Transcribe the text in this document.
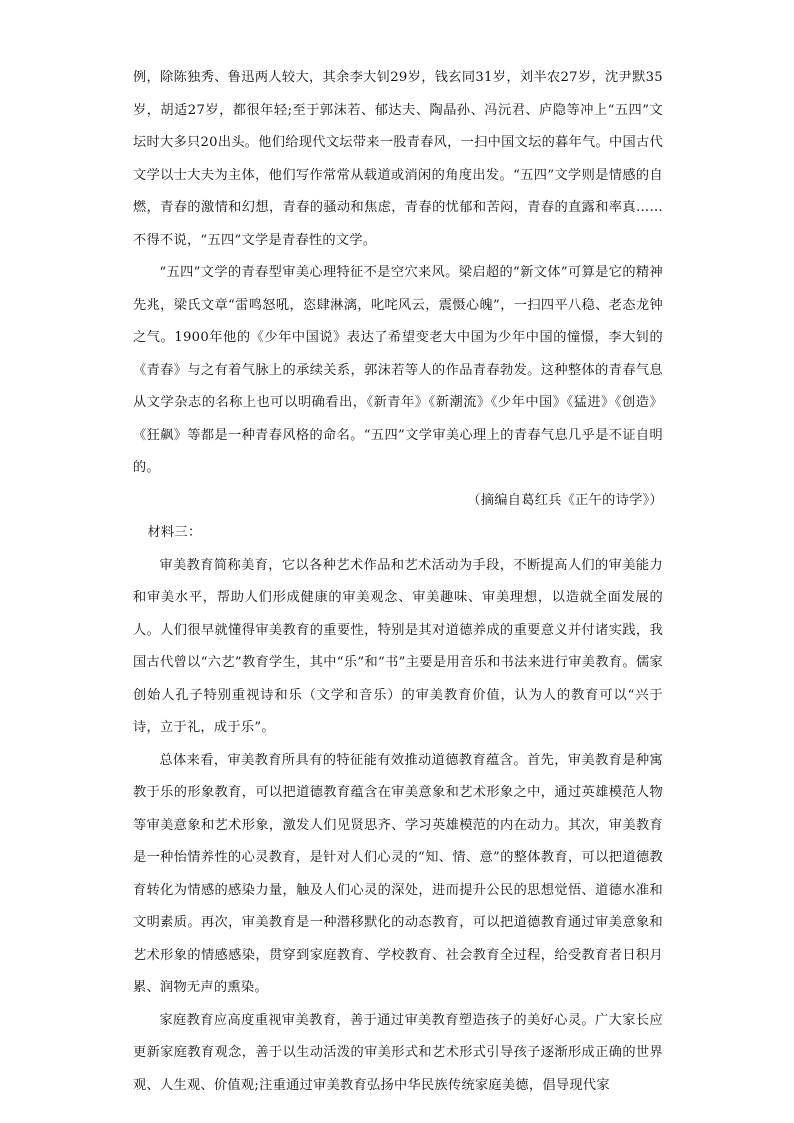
例，除陈独秀、鲁迅两人较大，其余李大钊29岁，钱玄同31岁，刘半农27岁，沈尹默35岁，胡适27岁，都很年轻;至于郭沫若、郁达夫、陶晶孙、冯沅君、庐隐等冲上“五四”文坛时大多只20出头。他们给现代文坛带来一股青春风，一扫中国文坛的暮年气。中国古代文学以士大夫为主体，他们写作常常从载道或消闲的角度出发。“五四”文学则是情感的自燃，青春的激情和幻想，青春的骚动和焦虑，青春的忧郁和苦闷，青春的直露和率真……不得不说，“五四”文学是青春性的文学。

“五四”文学的青春型审美心理特征不是空穴来风。梁启超的“新文体”可算是它的精神先兆，梁氏文章“雷鸣怒吼，恣肆淋漓，叱咤风云，震慑心魄”，一扫四平八稳、老态龙钟之气。1900年他的《少年中国说》表达了希望变老大中国为少年中国的憧憬，李大钊的《青春》与之有着气脉上的承续关系，郭沫若等人的作品青春勃发。这种整体的青春气息从文学杂志的名称上也可以明确看出，《新青年》《新潮流》《少年中国》《猛进》《创造》《狂飙》等都是一种青春风格的命名。“五四”文学审美心理上的青春气息几乎是不证自明的。

（摘编自葛红兵《正午的诗学》）

材料三：

审美教育简称美育，它以各种艺术作品和艺术活动为手段，不断提高人们的审美能力和审美水平，帮助人们形成健康的审美观念、审美趣味、审美理想，以造就全面发展的人。人们很早就懂得审美教育的重要性，特别是其对道德养成的重要意义并付诸实践，我国古代曾以“六艺”教育学生，其中“乐”和“书”主要是用音乐和书法来进行审美教育。儒家创始人孔子特别重视诗和乐（文学和音乐）的审美教育价值，认为人的教育可以“兴于诗，立于礼，成于乐”。

总体来看，审美教育所具有的特征能有效推动道德教育蕴含。首先，审美教育是种寓教于乐的形象教育，可以把道德教育蕴含在审美意象和艺术形象之中，通过英雄模范人物等审美意象和艺术形象，激发人们见贤思齐、学习英雄模范的内在动力。其次，审美教育是一种怡情养性的心灵教育，是针对人们心灵的“知、情、意”的整体教育，可以把道德教育转化为情感的感染力量，触及人们心灵的深处，进而提升公民的思想觉悟、道德水准和文明素质。再次，审美教育是一种潜移默化的动态教育，可以把道德教育通过审美意象和艺术形象的情感感染，贯穿到家庭教育、学校教育、社会教育全过程，给受教育者日积月累、润物无声的熏染。

家庭教育应高度重视审美教育，善于通过审美教育塑造孩子的美好心灵。广大家长应更新家庭教育观念，善于以生动活泼的审美形式和艺术形式引导孩子逐渐形成正确的世界观、人生观、价值观;注重通过审美教育弘扬中华民族传统家庭美德，倡导现代家
